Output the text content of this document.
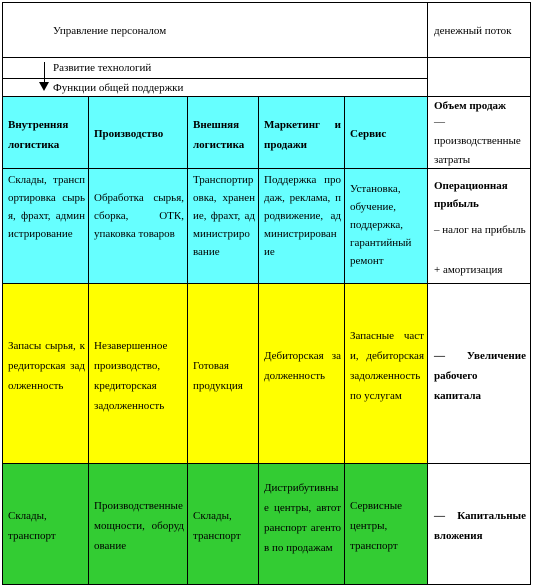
Управление персоналом	денежный поток
Развитие технологий
Функции общей поддержки
Внутренняя логистика
Производство
Внешняя логистика
Маркетинг и продажи
Сервис
Объем продаж
— производственные затраты
Склады, транспортировка сырья, фрахт, администрирование
Обработка сырья, сборка, ОТК, упаковка товаров
Транспортировка, хранение, фрахт, администрирование
Поддержка продаж, реклама, продвижение, администрирование
Установка, обучение, поддержка, гарантийный ремонт
Операционная прибыль
– налог на прибыль
+ амортизация
Запасы сырья, кредиторская задолженность
Незавершенное производство, кредиторская задолженность
Готовая продукция
Дебиторская задолженность
Запасные части, дебиторская задолженность по услугам
— Увеличение рабочего капитала
Склады, транспорт
Производственные мощности, оборудование
Склады, транспорт
Дистрибутивные центры, автотранспорт агентов по продажам
Сервисные центры, транспорт
— Капитальные вложения
